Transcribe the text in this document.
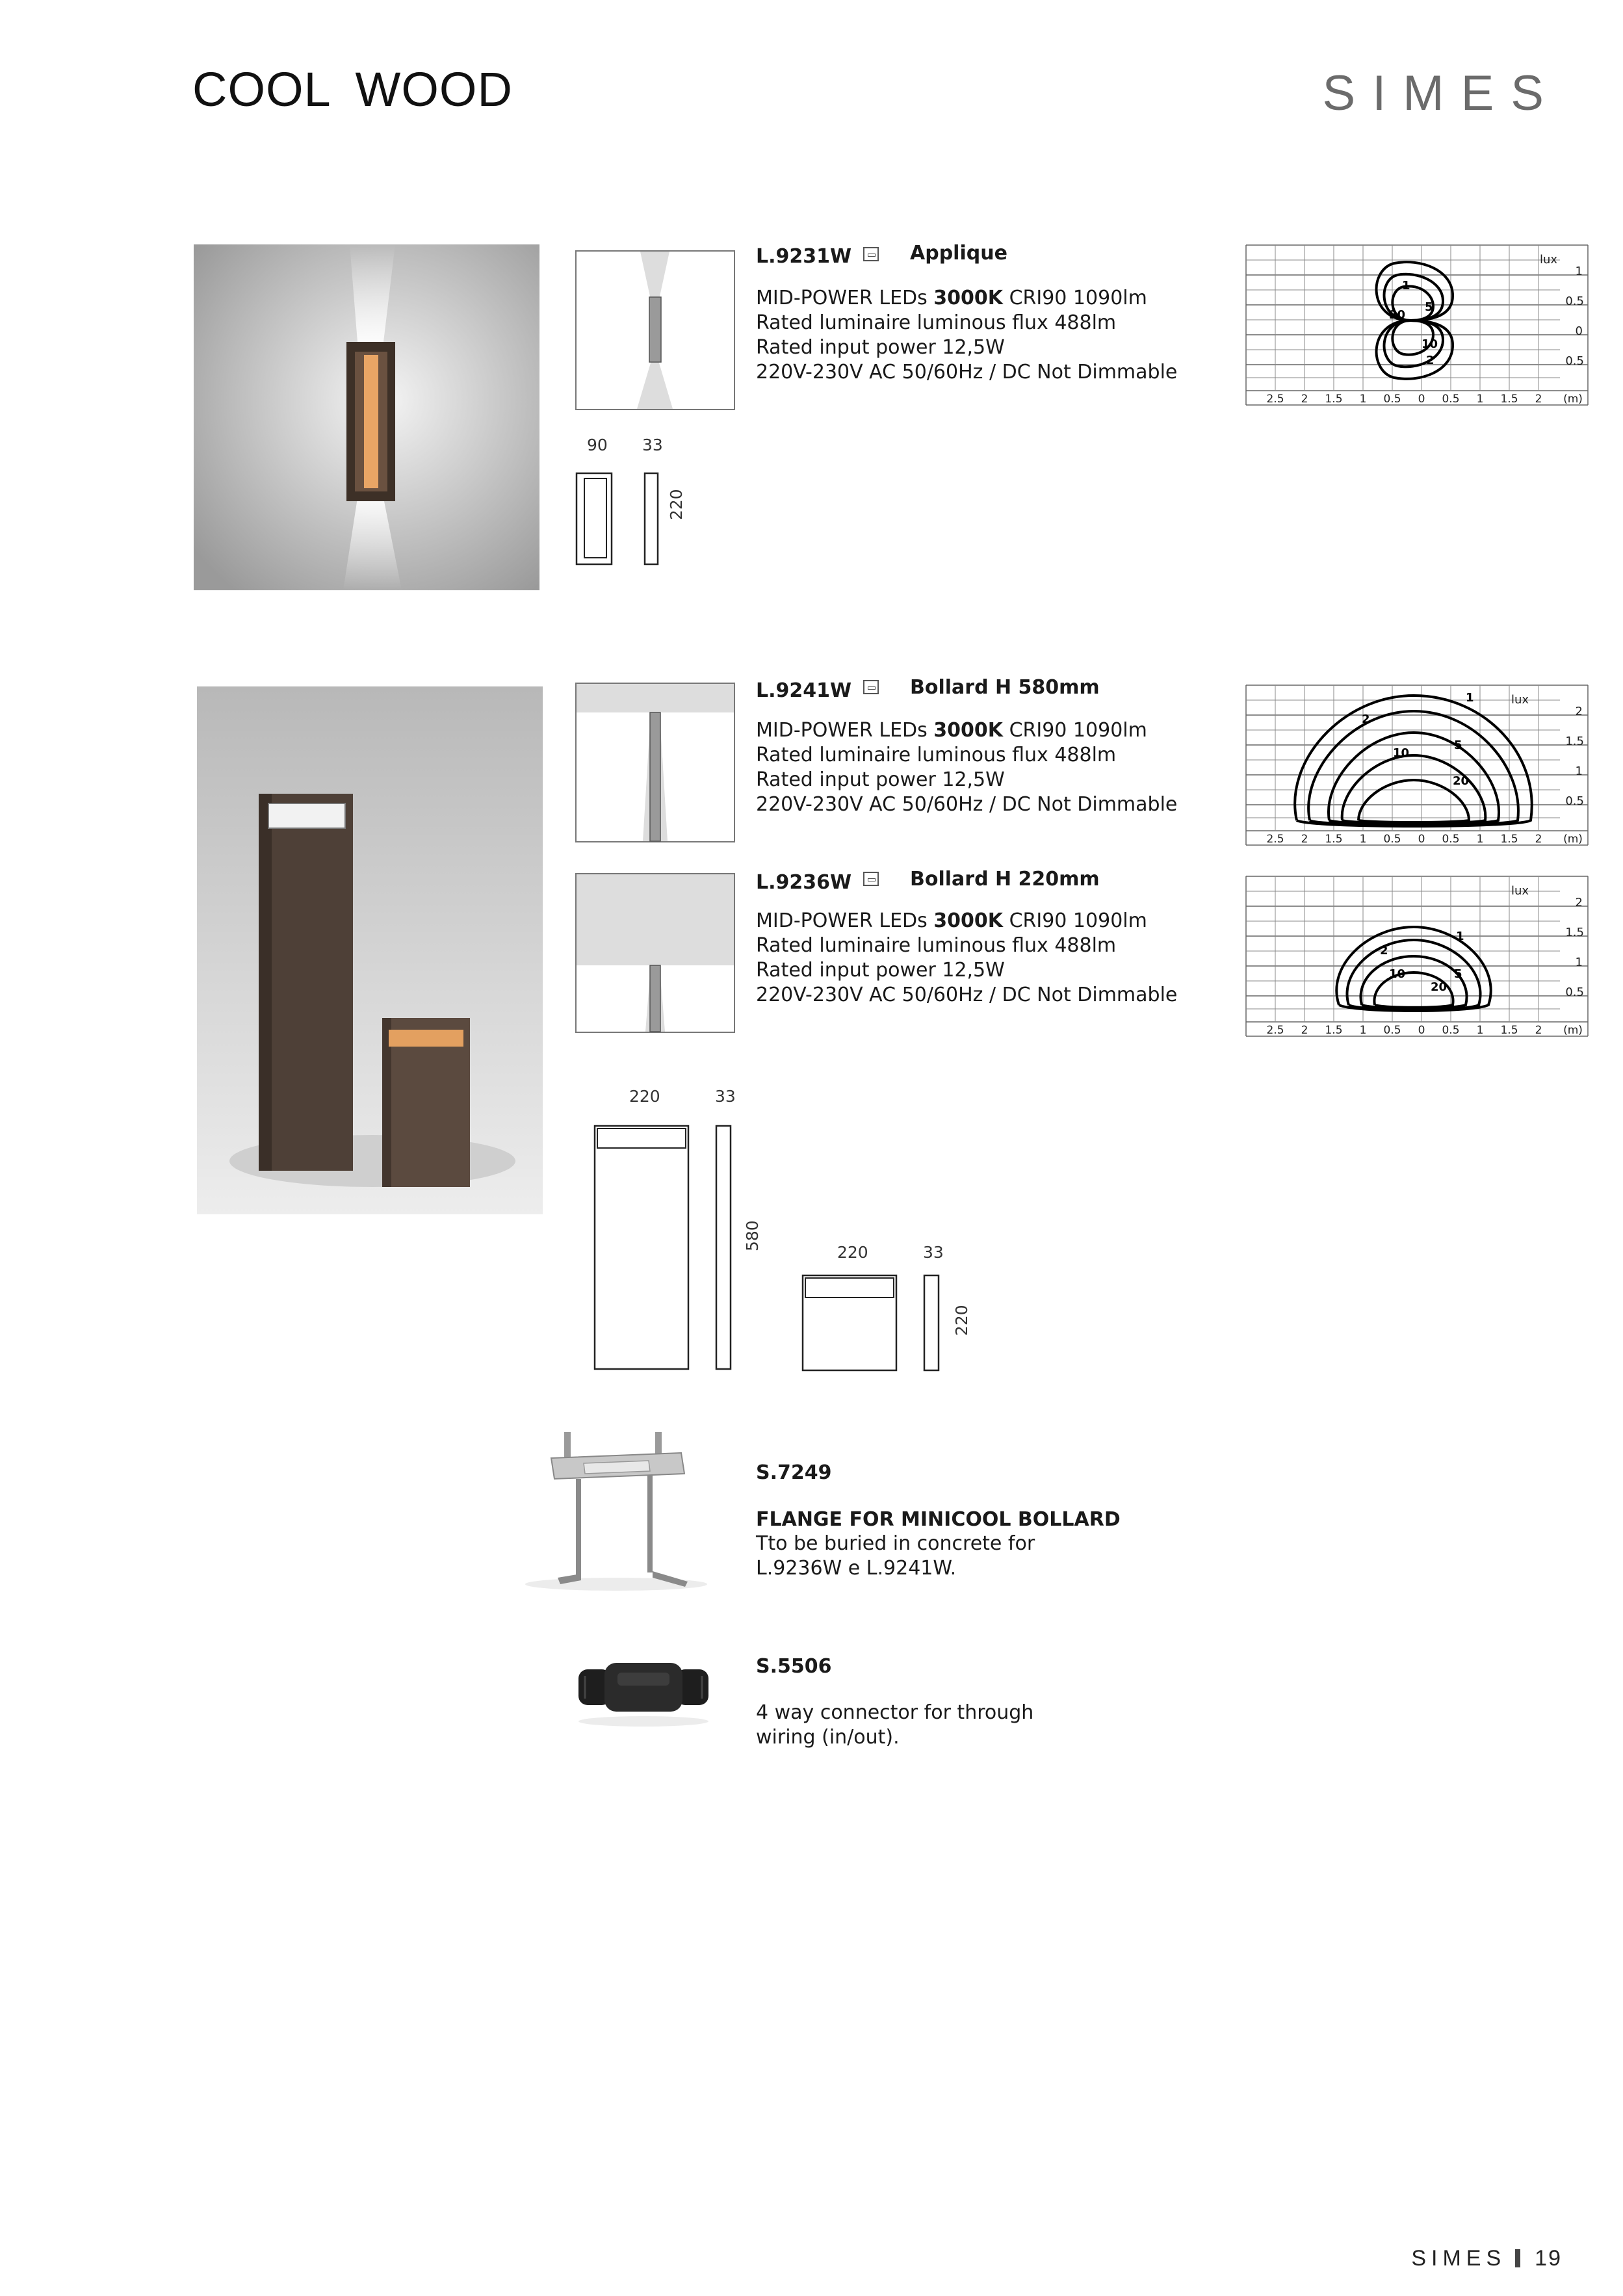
COOL WOOD	SIMES
90 33
220
L.9231W	Applique
MID-POWER LEDs 3000K CRI90 1090lm
Rated luminaire luminous flux 488lm
Rated input power 12,5W
220V-230V AC 50/60Hz / DC Not Dimmable
1
20
5
10
2
lux
1
0.5
0
0.5
2.5 2 1.5 1 0.5 0 0.5 1 1.5 2 (m)
L.9241W	Bollard H 580mm
MID-POWER LEDs 3000K CRI90 1090lm
Rated luminaire luminous flux 488lm
Rated input power 12,5W
220V-230V AC 50/60Hz / DC Not Dimmable
L.9236W	Bollard H 220mm
MID-POWER LEDs 3000K CRI90 1090lm
Rated luminaire luminous flux 488lm
Rated input power 12,5W
220V-230V AC 50/60Hz / DC Not Dimmable
1
2
5
10
20
lux
2
1.5
1
0.5
2.5 2 1.5 1 0.5 0 0.5 1 1.5 2 (m)
2
1
10	5
20
lux
2
1.5
1
0.5
2.5 2 1.5 1 0.5 0 0.5 1 1.5 2 (m)
220	33
580
220	33
220
S.7249
FLANGE FOR MINICOOL BOLLARD
Tto be buried in concrete for
L.9236W e L.9241W.
S.5506
4 way connector for through
wiring (in/out).
SIMES 19
